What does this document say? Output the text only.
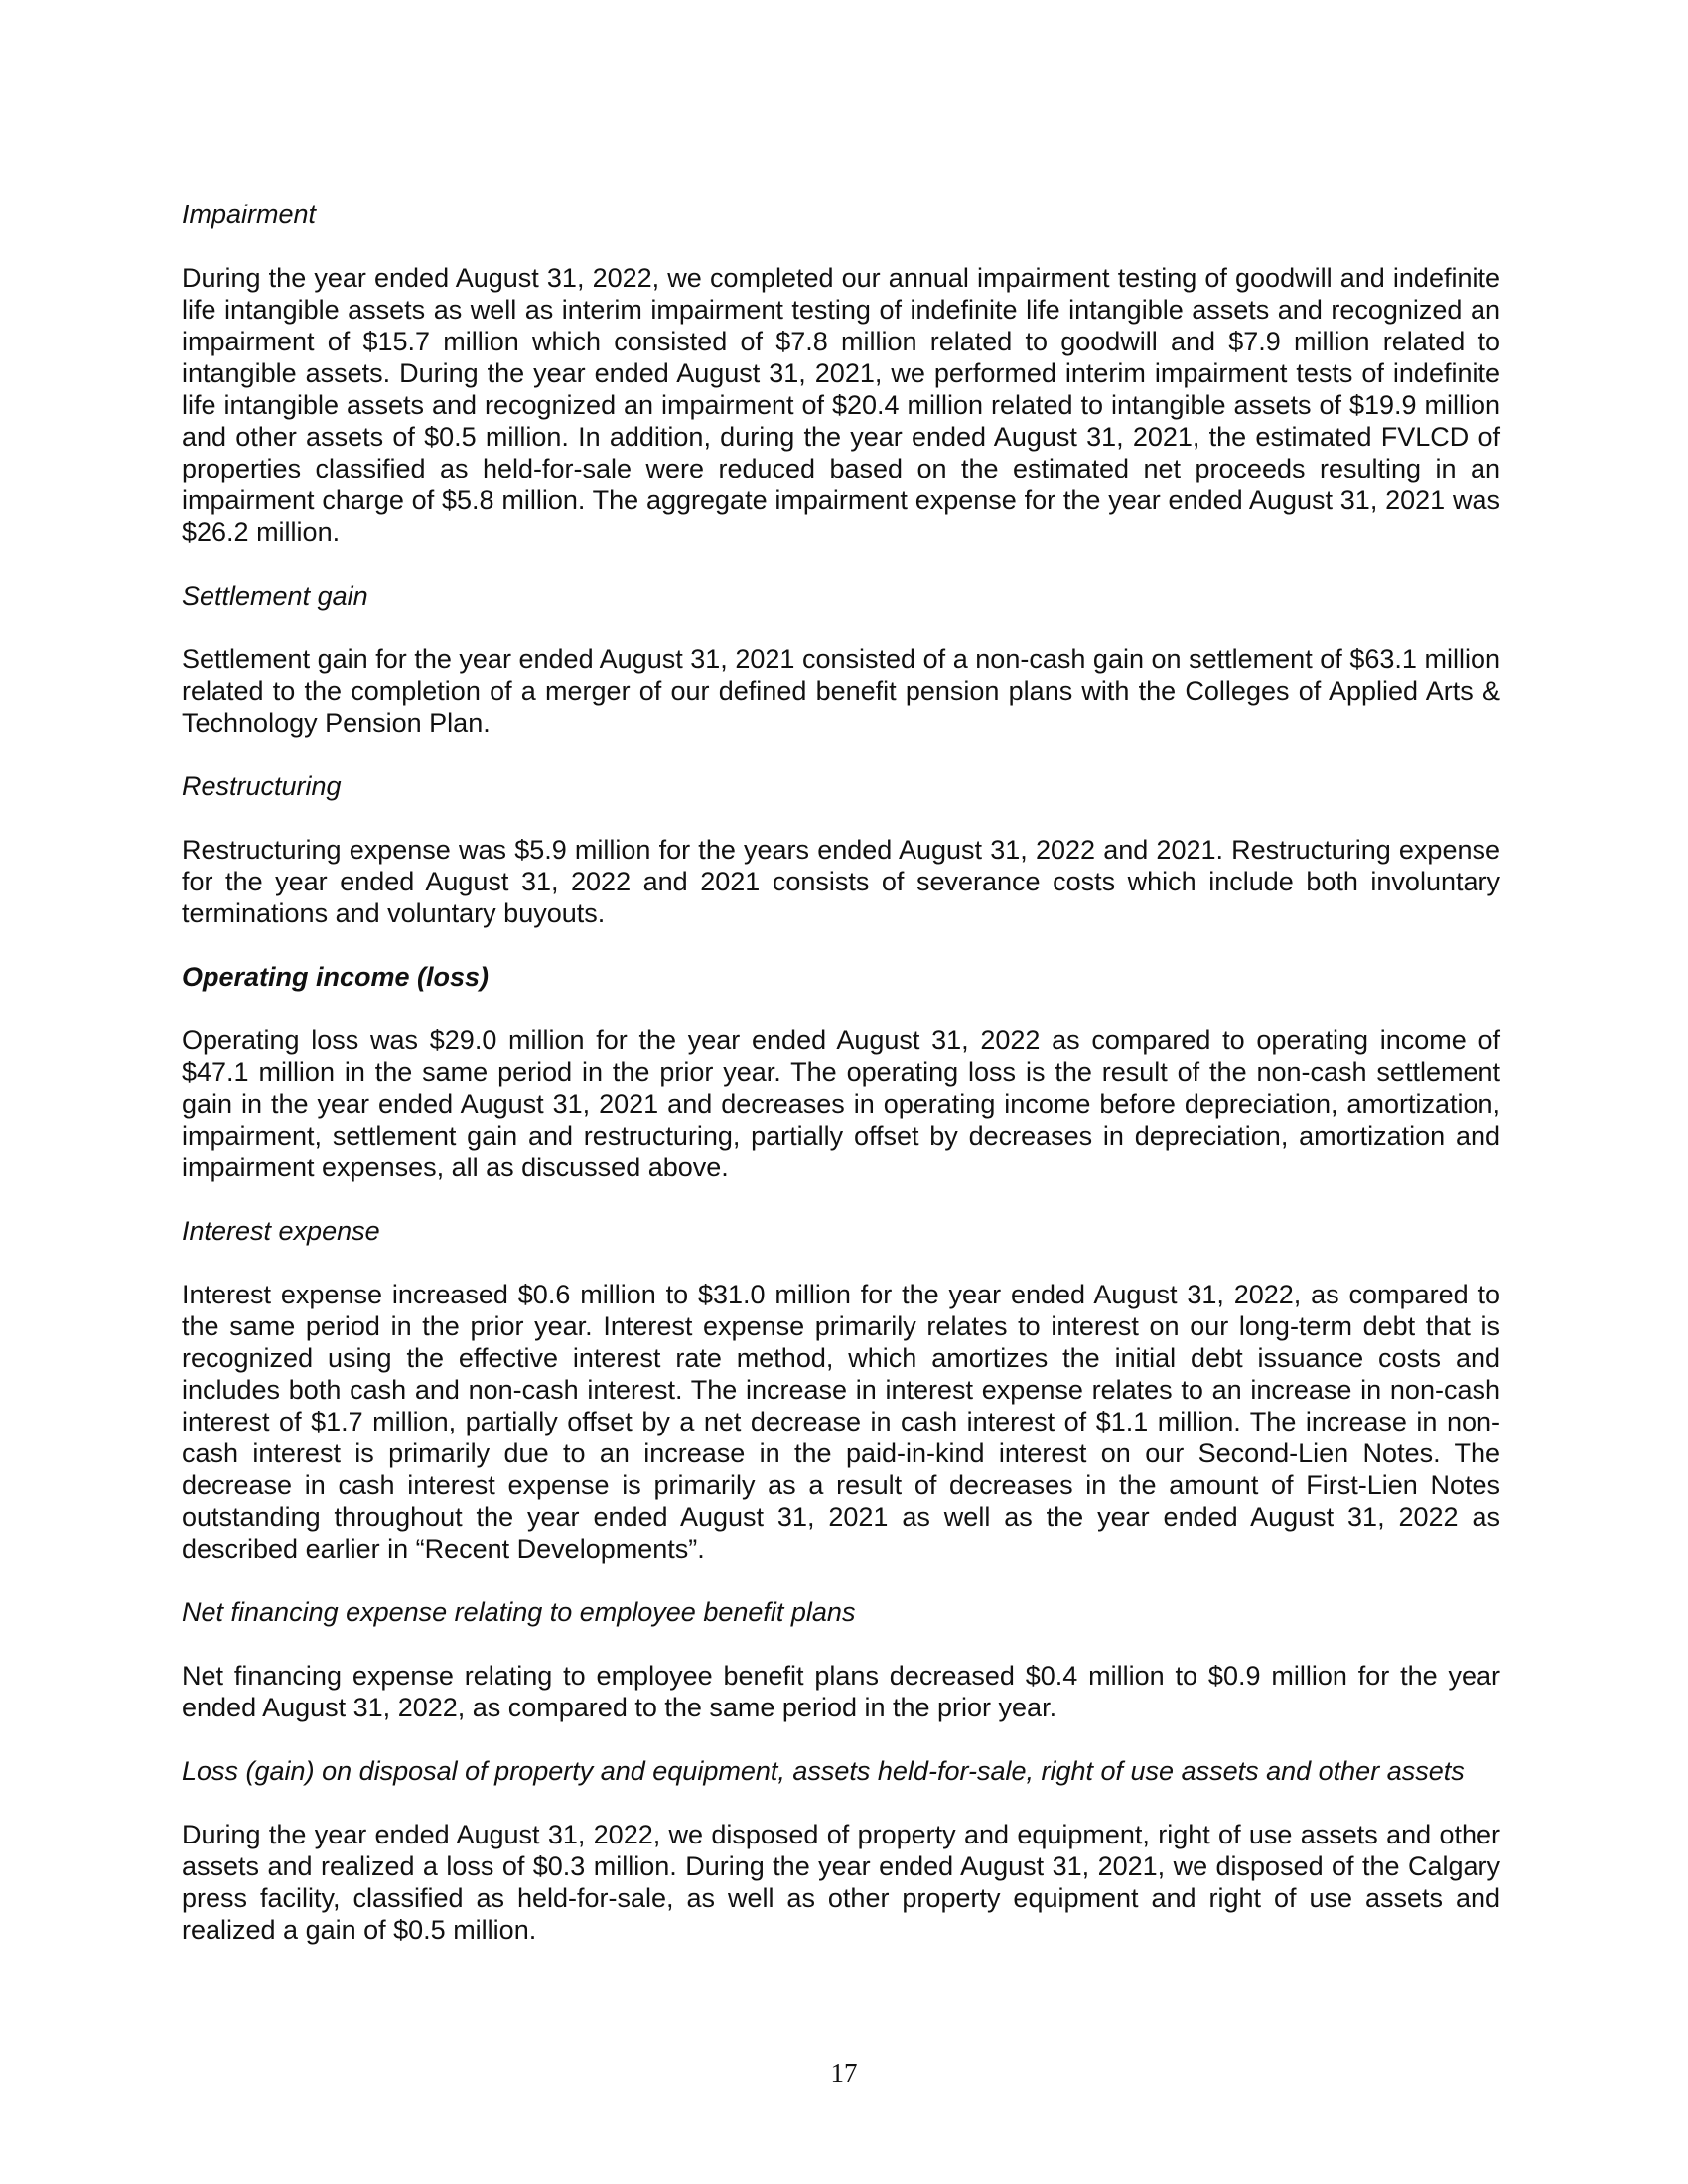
Impairment

During the year ended August 31, 2022, we completed our annual impairment testing of goodwill and indefinite life intangible assets as well as interim impairment testing of indefinite life intangible assets and recognized an impairment of $15.7 million which consisted of $7.8 million related to goodwill and $7.9 million related to intangible assets. During the year ended August 31, 2021, we performed interim impairment tests of indefinite life intangible assets and recognized an impairment of $20.4 million related to intangible assets of $19.9 million and other assets of $0.5 million. In addition, during the year ended August 31, 2021, the estimated FVLCD of properties classified as held-for-sale were reduced based on the estimated net proceeds resulting in an impairment charge of $5.8 million. The aggregate impairment expense for the year ended August 31, 2021 was $26.2 million.

Settlement gain

Settlement gain for the year ended August 31, 2021 consisted of a non-cash gain on settlement of $63.1 million related to the completion of a merger of our defined benefit pension plans with the Colleges of Applied Arts & Technology Pension Plan.

Restructuring

Restructuring expense was $5.9 million for the years ended August 31, 2022 and 2021. Restructuring expense for the year ended August 31, 2022 and 2021 consists of severance costs which include both involuntary terminations and voluntary buyouts.

Operating income (loss)

Operating loss was $29.0 million for the year ended August 31, 2022 as compared to operating income of $47.1 million in the same period in the prior year. The operating loss is the result of the non-cash settlement gain in the year ended August 31, 2021 and decreases in operating income before depreciation, amortization, impairment, settlement gain and restructuring, partially offset by decreases in depreciation, amortization and impairment expenses, all as discussed above.

Interest expense

Interest expense increased $0.6 million to $31.0 million for the year ended August 31, 2022, as compared to the same period in the prior year. Interest expense primarily relates to interest on our long-term debt that is recognized using the effective interest rate method, which amortizes the initial debt issuance costs and includes both cash and non-cash interest. The increase in interest expense relates to an increase in non-cash interest of $1.7 million, partially offset by a net decrease in cash interest of $1.1 million. The increase in non-cash interest is primarily due to an increase in the paid-in-kind interest on our Second-Lien Notes. The decrease in cash interest expense is primarily as a result of decreases in the amount of First-Lien Notes outstanding throughout the year ended August 31, 2021 as well as the year ended August 31, 2022 as described earlier in “Recent Developments”.

Net financing expense relating to employee benefit plans

Net financing expense relating to employee benefit plans decreased $0.4 million to $0.9 million for the year ended August 31, 2022, as compared to the same period in the prior year.

Loss (gain) on disposal of property and equipment, assets held-for-sale, right of use assets and other assets

During the year ended August 31, 2022, we disposed of property and equipment, right of use assets and other assets and realized a loss of $0.3 million. During the year ended August 31, 2021, we disposed of the Calgary press facility, classified as held-for-sale, as well as other property equipment and right of use assets and realized a gain of $0.5 million.

17
